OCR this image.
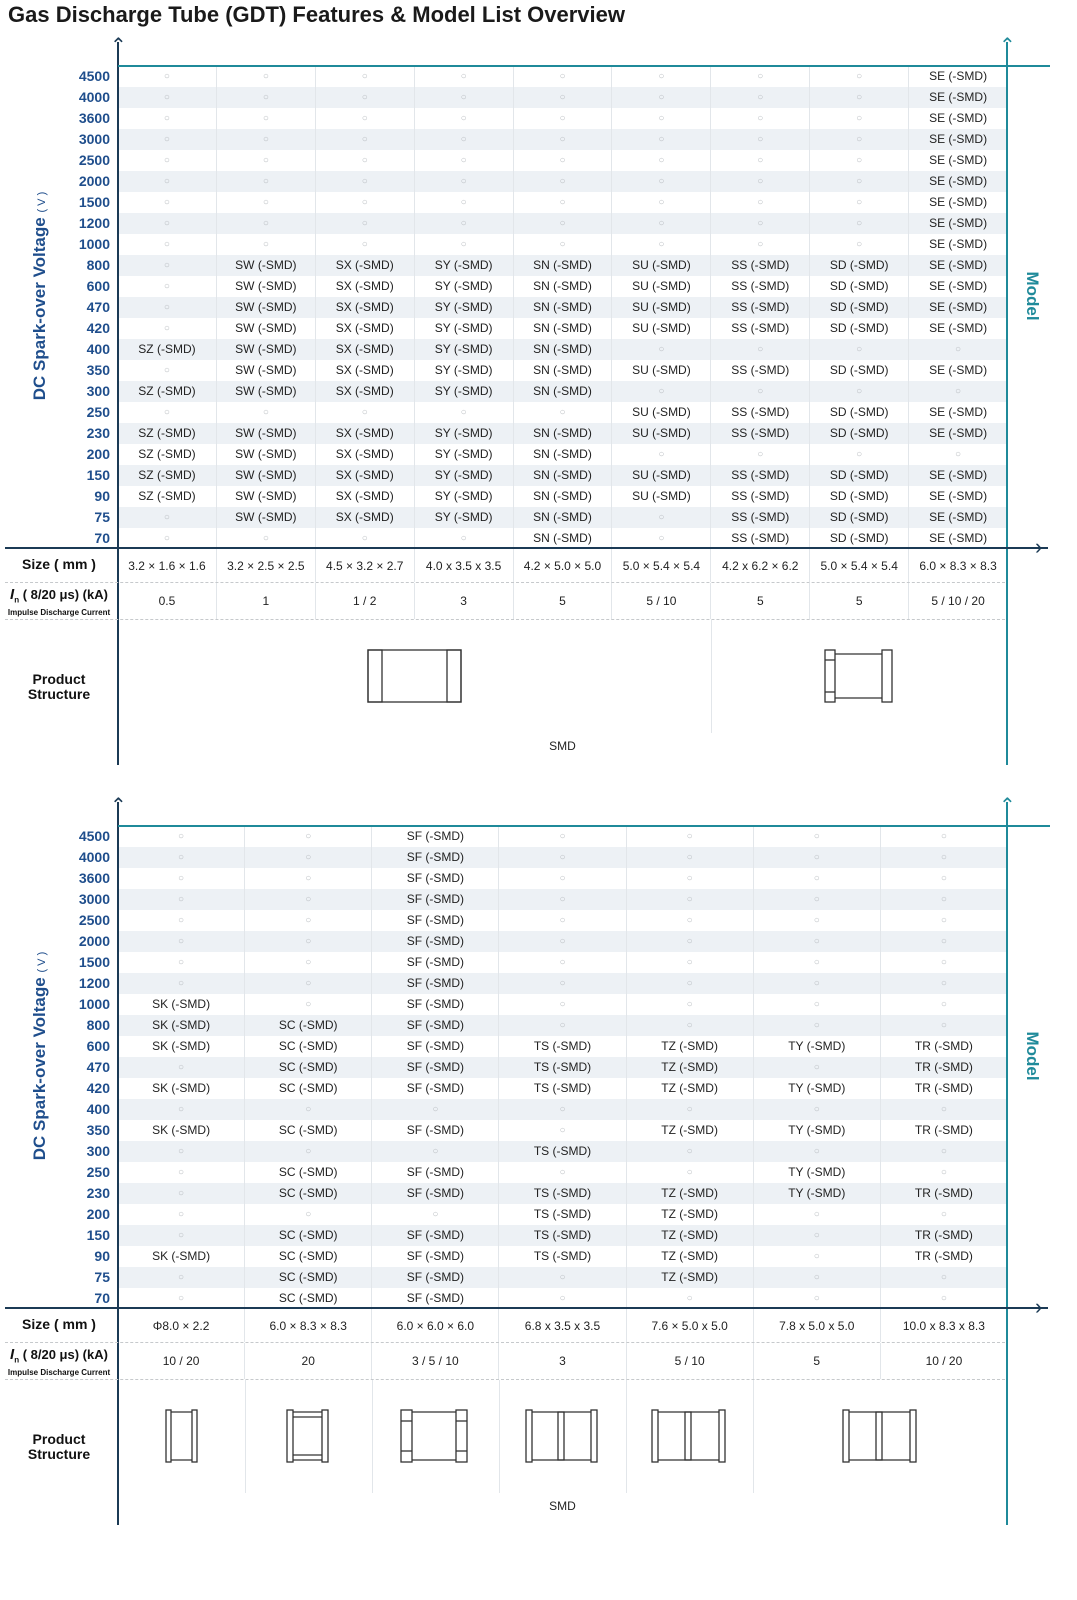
Gas Discharge Tube (GDT) Features & Model List Overview
DC Spark-over Voltage ( V )
Model
4500	○	○	○	○	○	○	○	○	SE (-SMD)
4000	○	○	○	○	○	○	○	○	SE (-SMD)
3600	○	○	○	○	○	○	○	○	SE (-SMD)
3000	○	○	○	○	○	○	○	○	SE (-SMD)
2500	○	○	○	○	○	○	○	○	SE (-SMD)
2000	○	○	○	○	○	○	○	○	SE (-SMD)
1500	○	○	○	○	○	○	○	○	SE (-SMD)
1200	○	○	○	○	○	○	○	○	SE (-SMD)
1000	○	○	○	○	○	○	○	○	SE (-SMD)
800	○	SW (-SMD)	SX (-SMD)	SY (-SMD)	SN (-SMD)	SU (-SMD)	SS (-SMD)	SD (-SMD)	SE (-SMD)
600	○	SW (-SMD)	SX (-SMD)	SY (-SMD)	SN (-SMD)	SU (-SMD)	SS (-SMD)	SD (-SMD)	SE (-SMD)
470	○	SW (-SMD)	SX (-SMD)	SY (-SMD)	SN (-SMD)	SU (-SMD)	SS (-SMD)	SD (-SMD)	SE (-SMD)
420	○	SW (-SMD)	SX (-SMD)	SY (-SMD)	SN (-SMD)	SU (-SMD)	SS (-SMD)	SD (-SMD)	SE (-SMD)
400	SZ (-SMD)	SW (-SMD)	SX (-SMD)	SY (-SMD)	SN (-SMD)	○	○	○	○
350	○	SW (-SMD)	SX (-SMD)	SY (-SMD)	SN (-SMD)	SU (-SMD)	SS (-SMD)	SD (-SMD)	SE (-SMD)
300	SZ (-SMD)	SW (-SMD)	SX (-SMD)	SY (-SMD)	SN (-SMD)	○	○	○	○
250	○	○	○	○	○	SU (-SMD)	SS (-SMD)	SD (-SMD)	SE (-SMD)
230	SZ (-SMD)	SW (-SMD)	SX (-SMD)	SY (-SMD)	SN (-SMD)	SU (-SMD)	SS (-SMD)	SD (-SMD)	SE (-SMD)
200	SZ (-SMD)	SW (-SMD)	SX (-SMD)	SY (-SMD)	SN (-SMD)	○	○	○	○
150	SZ (-SMD)	SW (-SMD)	SX (-SMD)	SY (-SMD)	SN (-SMD)	SU (-SMD)	SS (-SMD)	SD (-SMD)	SE (-SMD)
90	SZ (-SMD)	SW (-SMD)	SX (-SMD)	SY (-SMD)	SN (-SMD)	SU (-SMD)	SS (-SMD)	SD (-SMD)	SE (-SMD)
75	○	SW (-SMD)	SX (-SMD)	SY (-SMD)	SN (-SMD)	○	SS (-SMD)	SD (-SMD)	SE (-SMD)
70	○	○	○	○	SN (-SMD)	○	SS (-SMD)	SD (-SMD)	SE (-SMD)
⌃	⌃
›
Size ( mm )	3.2 × 1.6 × 1.6	3.2 × 2.5 × 2.5	4.5 × 3.2 × 2.7	4.0 x 3.5 x 3.5	4.2 × 5.0 × 5.0	5.0 × 5.4 × 5.4	4.2 x 6.2 × 6.2	5.0 × 5.4 × 5.4	6.0 × 8.3 × 8.3
$I_n$ ( 8/20 μs) (kA)
Impulse Discharge Current
0.5	1	1 / 2	3	5	5 / 10	5	5	5 / 10 / 20
Product
Structure
SMD
DC Spark-over Voltage ( V )
Model
4500	○	○	SF (-SMD)	○	○	○	○
4000	○	○	SF (-SMD)	○	○	○	○
3600	○	○	SF (-SMD)	○	○	○	○
3000	○	○	SF (-SMD)	○	○	○	○
2500	○	○	SF (-SMD)	○	○	○	○
2000	○	○	SF (-SMD)	○	○	○	○
1500	○	○	SF (-SMD)	○	○	○	○
1200	○	○	SF (-SMD)	○	○	○	○
1000	SK (-SMD)	○	SF (-SMD)	○	○	○	○
800	SK (-SMD)	SC (-SMD)	SF (-SMD)	○	○	○	○
600	SK (-SMD)	SC (-SMD)	SF (-SMD)	TS (-SMD)	TZ (-SMD)	TY (-SMD)	TR (-SMD)
470	○	SC (-SMD)	SF (-SMD)	TS (-SMD)	TZ (-SMD)	○	TR (-SMD)
420	SK (-SMD)	SC (-SMD)	SF (-SMD)	TS (-SMD)	TZ (-SMD)	TY (-SMD)	TR (-SMD)
400	○	○	○	○	○	○	○
350	SK (-SMD)	SC (-SMD)	SF (-SMD)	○	TZ (-SMD)	TY (-SMD)	TR (-SMD)
300	○	○	○	TS (-SMD)	○	○	○
250	○	SC (-SMD)	SF (-SMD)	○	○	TY (-SMD)	○
230	○	SC (-SMD)	SF (-SMD)	TS (-SMD)	TZ (-SMD)	TY (-SMD)	TR (-SMD)
200	○	○	○	TS (-SMD)	TZ (-SMD)	○	○
150	○	SC (-SMD)	SF (-SMD)	TS (-SMD)	TZ (-SMD)	○	TR (-SMD)
90	SK (-SMD)	SC (-SMD)	SF (-SMD)	TS (-SMD)	TZ (-SMD)	○	TR (-SMD)
75	○	SC (-SMD)	SF (-SMD)	○	TZ (-SMD)	○	○
70	○	SC (-SMD)	SF (-SMD)	○	○	○	○
⌃	⌃
›
Size ( mm )	Φ8.0 × 2.2	6.0 × 8.3 × 8.3	6.0 × 6.0 × 6.0	6.8 x 3.5 x 3.5	7.6 × 5.0 x 5.0	7.8 x 5.0 x 5.0	10.0 x 8.3 x 8.3
$I_n$ ( 8/20 μs) (kA)
Impulse Discharge Current
10 / 20	20	3 / 5 / 10	3	5 / 10	5	10 / 20
Product
Structure
SMD
